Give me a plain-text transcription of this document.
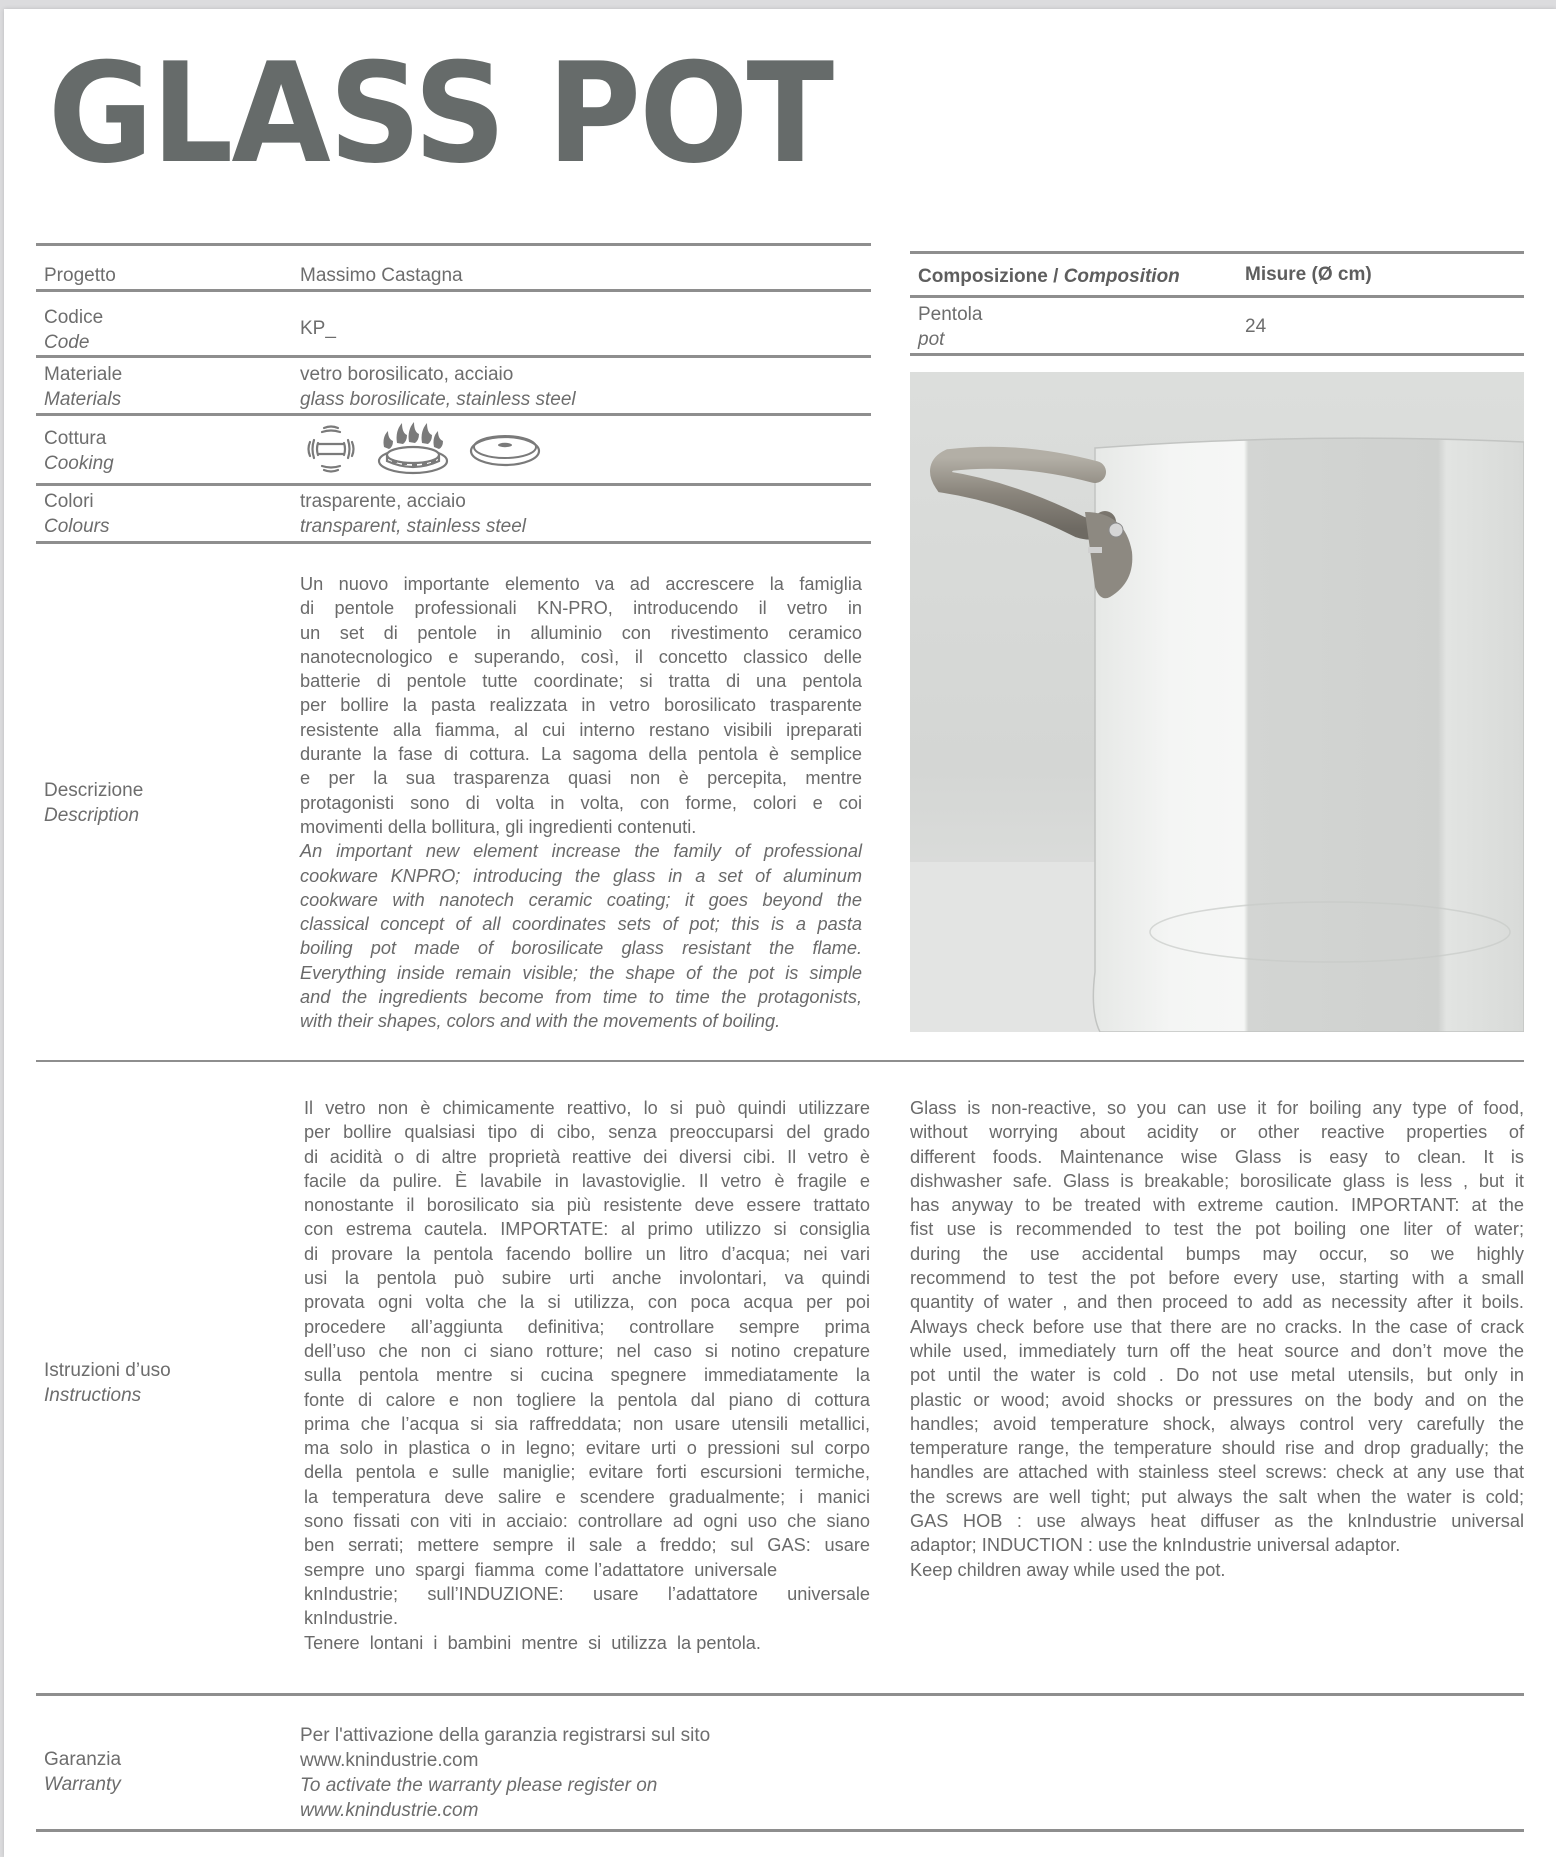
GLASS POT
Progetto	Massimo Castagna
Codice
Code
KP_
Materiale
Materials
vetro borosilicato, acciaio
glass borosilicate, stainless steel
Cottura
Cooking
Colori
Colours
trasparente, acciaio
transparent, stainless steel
Composizione / Composition	Misure (Ø cm)
Pentola
pot
24
Descrizione
Description
Un nuovo importante elemento va ad accrescere la famiglia
di pentole professionali KN-PRO, introducendo il vetro in
un set di pentole in alluminio con rivestimento ceramico
nanotecnologico e superando, così, il concetto classico delle
batterie di pentole tutte coordinate; si tratta di una pentola
per bollire la pasta realizzata in vetro borosilicato trasparente
resistente alla fiamma, al cui interno restano visibili ipreparati
durante la fase di cottura. La sagoma della pentola è semplice
e per la sua trasparenza quasi non è percepita, mentre
protagonisti sono di volta in volta, con forme, colori e coi
movimenti della bollitura, gli ingredienti contenuti.
An important new element increase the family of professional
cookware KNPRO; introducing the glass in a set of aluminum
cookware with nanotech ceramic coating; it goes beyond the
classical concept of all coordinates sets of pot; this is a pasta
boiling pot made of borosilicate glass resistant the flame.
Everything inside remain visible; the shape of the pot is simple
and the ingredients become from time to time the protagonists,
with their shapes, colors and with the movements of boiling.
Istruzioni d’uso
Instructions
Il vetro non è chimicamente reattivo, lo si può quindi utilizzare
per bollire qualsiasi tipo di cibo, senza preoccuparsi del grado
di acidità o di altre proprietà reattive dei diversi cibi. Il vetro è
facile da pulire. È lavabile in lavastoviglie. Il vetro è fragile e
nonostante il borosilicato sia più resistente deve essere trattato
con estrema cautela. IMPORTATE: al primo utilizzo si consiglia
di provare la pentola facendo bollire un litro d’acqua; nei vari
usi la pentola può subire urti anche involontari, va quindi
provata ogni volta che la si utilizza, con poca acqua per poi
procedere all’aggiunta definitiva; controllare sempre prima
dell’uso che non ci siano rotture; nel caso si notino crepature
sulla pentola mentre si cucina spegnere immediatamente la
fonte di calore e non togliere la pentola dal piano di cottura
prima che l’acqua si sia raffreddata; non usare utensili metallici,
ma solo in plastica o in legno; evitare urti o pressioni sul corpo
della pentola e sulle maniglie; evitare forti escursioni termiche,
la temperatura deve salire e scendere gradualmente; i manici
sono fissati con viti in acciaio: controllare ad ogni uso che siano
ben serrati; mettere sempre il sale a freddo; sul GAS: usare
sempre  uno  spargi  fiamma  come l’adattatore  universale
knIndustrie; sull’INDUZIONE: usare l’adattatore universale
knIndustrie.
Tenere  lontani  i  bambini  mentre  si  utilizza  la pentola.
Glass is non-reactive, so you can use it for boiling any type of food,
without worrying about acidity or other reactive properties of
different foods. Maintenance wise Glass is easy to clean. It is
dishwasher safe. Glass is breakable; borosilicate glass is less , but it
has anyway to be treated with extreme caution. IMPORTANT: at the
fist use is recommended to test the pot boiling one liter of water;
during the use accidental bumps may occur, so we highly
recommend to test the pot before every use, starting with a small
quantity of water , and then proceed to add as necessity after it boils.
Always check before use that there are no cracks. In the case of crack
while used, immediately turn off the heat source and don’t move the
pot until the water is cold . Do not use metal utensils, but only in
plastic or wood; avoid shocks or pressures on the body and on the
handles; avoid temperature shock, always control very carefully the
temperature range, the temperature should rise and drop gradually; the
handles are attached with stainless steel screws: check at any use that
the screws are well tight; put always the salt when the water is cold;
GAS HOB : use always heat diffuser as the knIndustrie universal
adaptor; INDUCTION : use the knIndustrie universal adaptor.
Keep children away while used the pot.
Garanzia
Warranty
Per l'attivazione della garanzia registrarsi sul sito
www.knindustrie.com
To activate the warranty please register on
www.knindustrie.com
